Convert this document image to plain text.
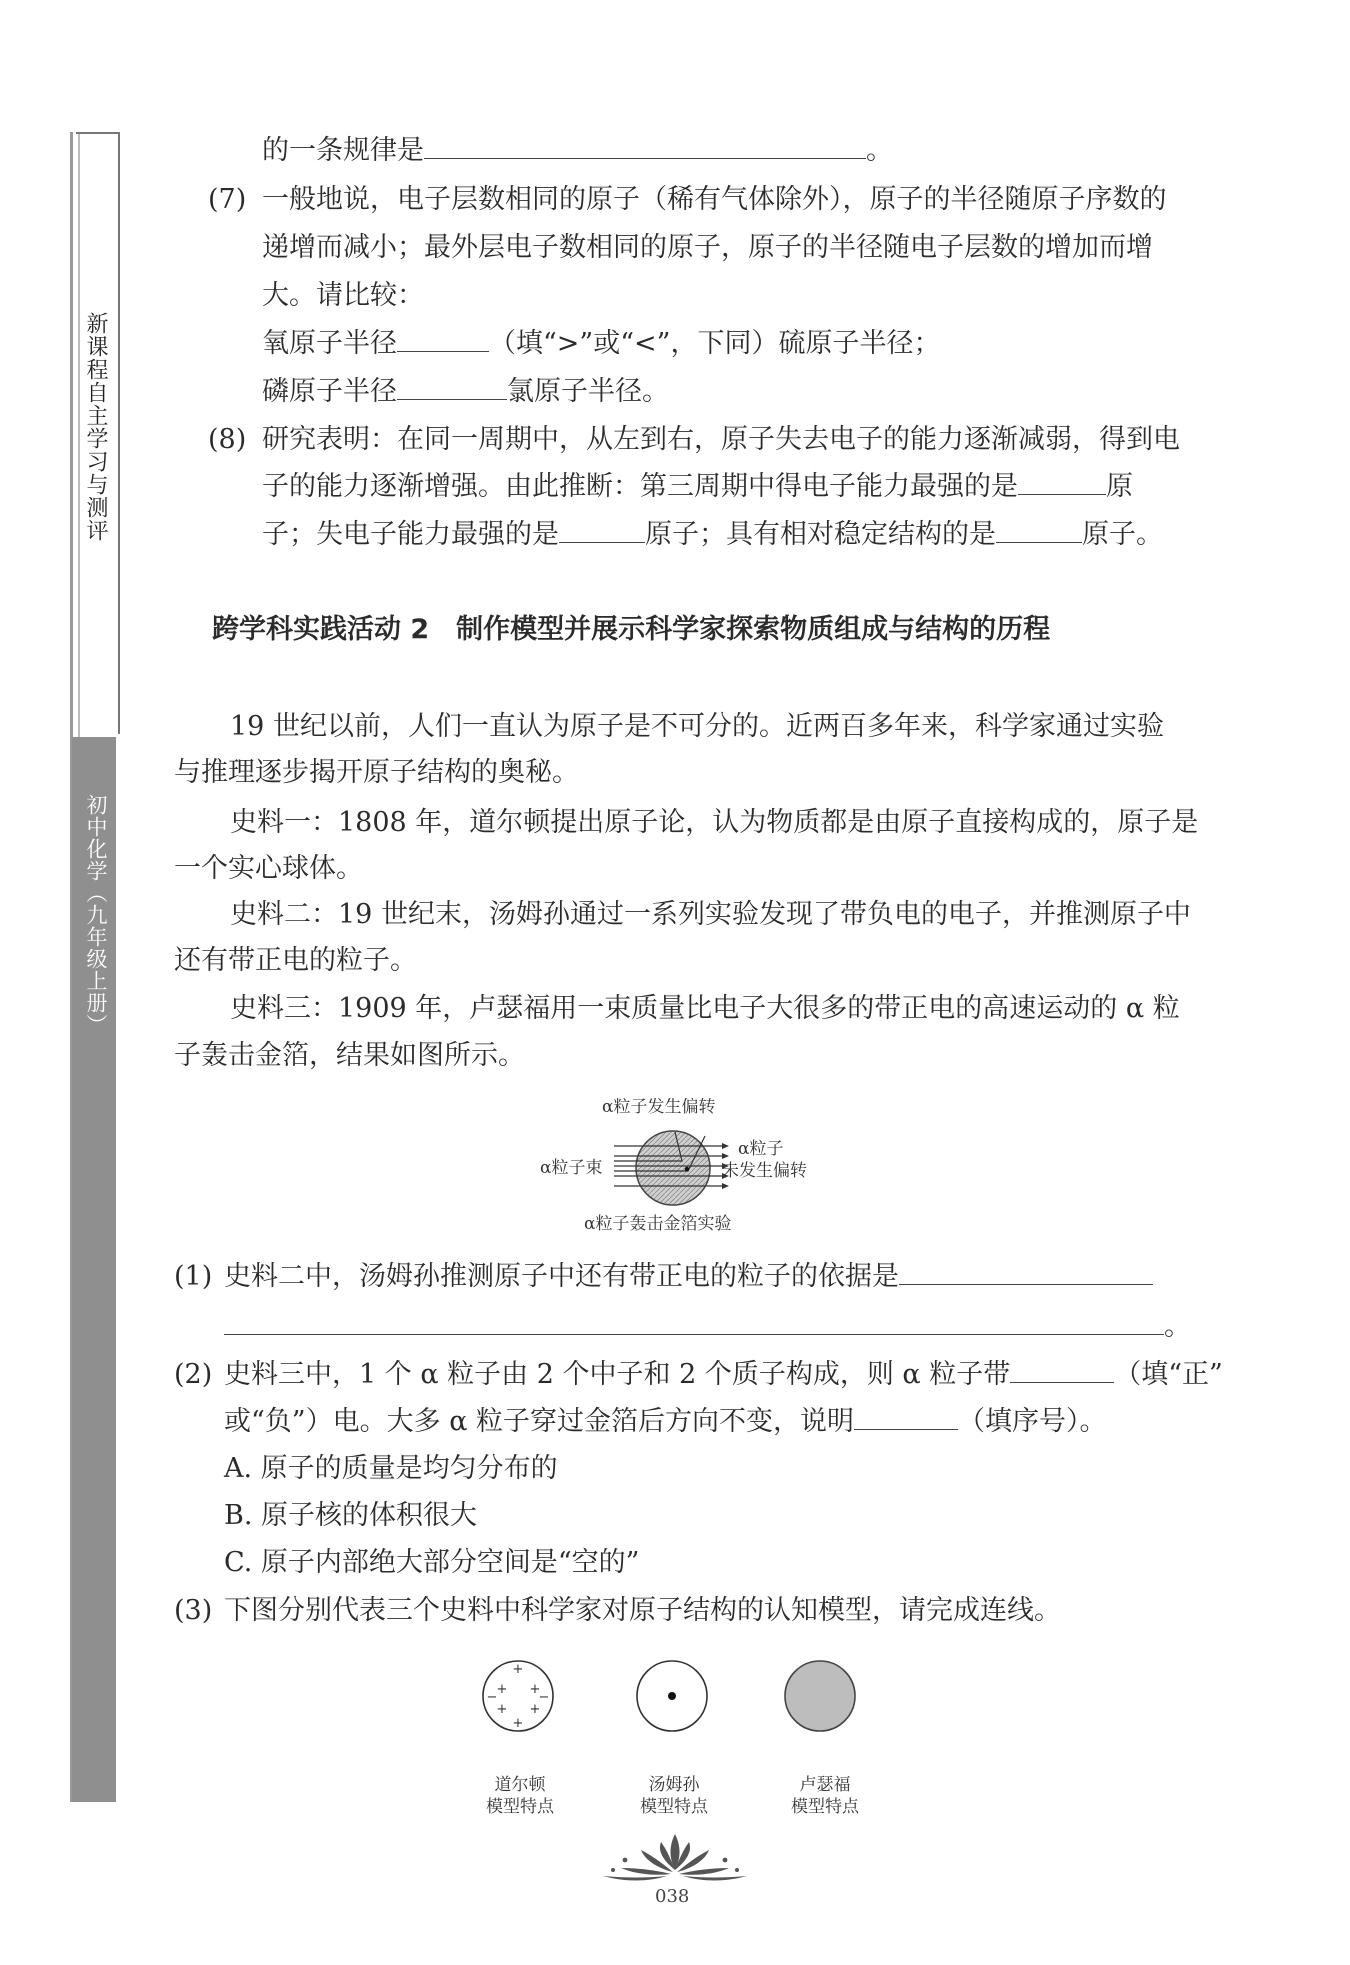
新课程自主学习与测评
初中化学（九年级上册）
的一条规律是	。
(7) 一般地说，电子层数相同的原子（稀有气体除外），原子的半径随原子序数的
递增而减小；最外层电子数相同的原子，原子的半径随电子层数的增加而增
大。请比较：
氧原子半径	（填“>”或“<”，下同）硫原子半径；
磷原子半径	氯原子半径。
(8) 研究表明：在同一周期中，从左到右，原子失去电子的能力逐渐减弱，得到电
子的能力逐渐增强。由此推断：第三周期中得电子能力最强的是	原
子；失电子能力最强的是	原子；具有相对稳定结构的是	原子。
跨学科实践活动 2　制作模型并展示科学家探索物质组成与结构的历程
19 世纪以前，人们一直认为原子是不可分的。近两百多年来，科学家通过实验
与推理逐步揭开原子结构的奥秘。
史料一：1808 年，道尔顿提出原子论，认为物质都是由原子直接构成的，原子是
一个实心球体。
史料二：19 世纪末，汤姆孙通过一系列实验发现了带负电的电子，并推测原子中
还有带正电的粒子。
史料三：1909 年，卢瑟福用一束质量比电子大很多的带正电的高速运动的 α 粒
子轰击金箔，结果如图所示。
α粒子发生偏转
α粒子束
α粒子
未发生偏转
α粒子轰击金箔实验
(1) 史料二中，汤姆孙推测原子中还有带正电的粒子的依据是
。
(2) 史料三中，1 个 α 粒子由 2 个中子和 2 个质子构成，则 α 粒子带	（填“正”
或“负”）电。大多 α 粒子穿过金箔后方向不变，说明	（填序号）。
A. 原子的质量是均匀分布的
B. 原子核的体积很大
C. 原子内部绝大部分空间是“空的”
(3) 下图分别代表三个史料中科学家对原子结构的认知模型，请完成连线。
+
+
+ +
+ +
−	−
道尔顿
模型特点
汤姆孙
模型特点
卢瑟福
模型特点
038
